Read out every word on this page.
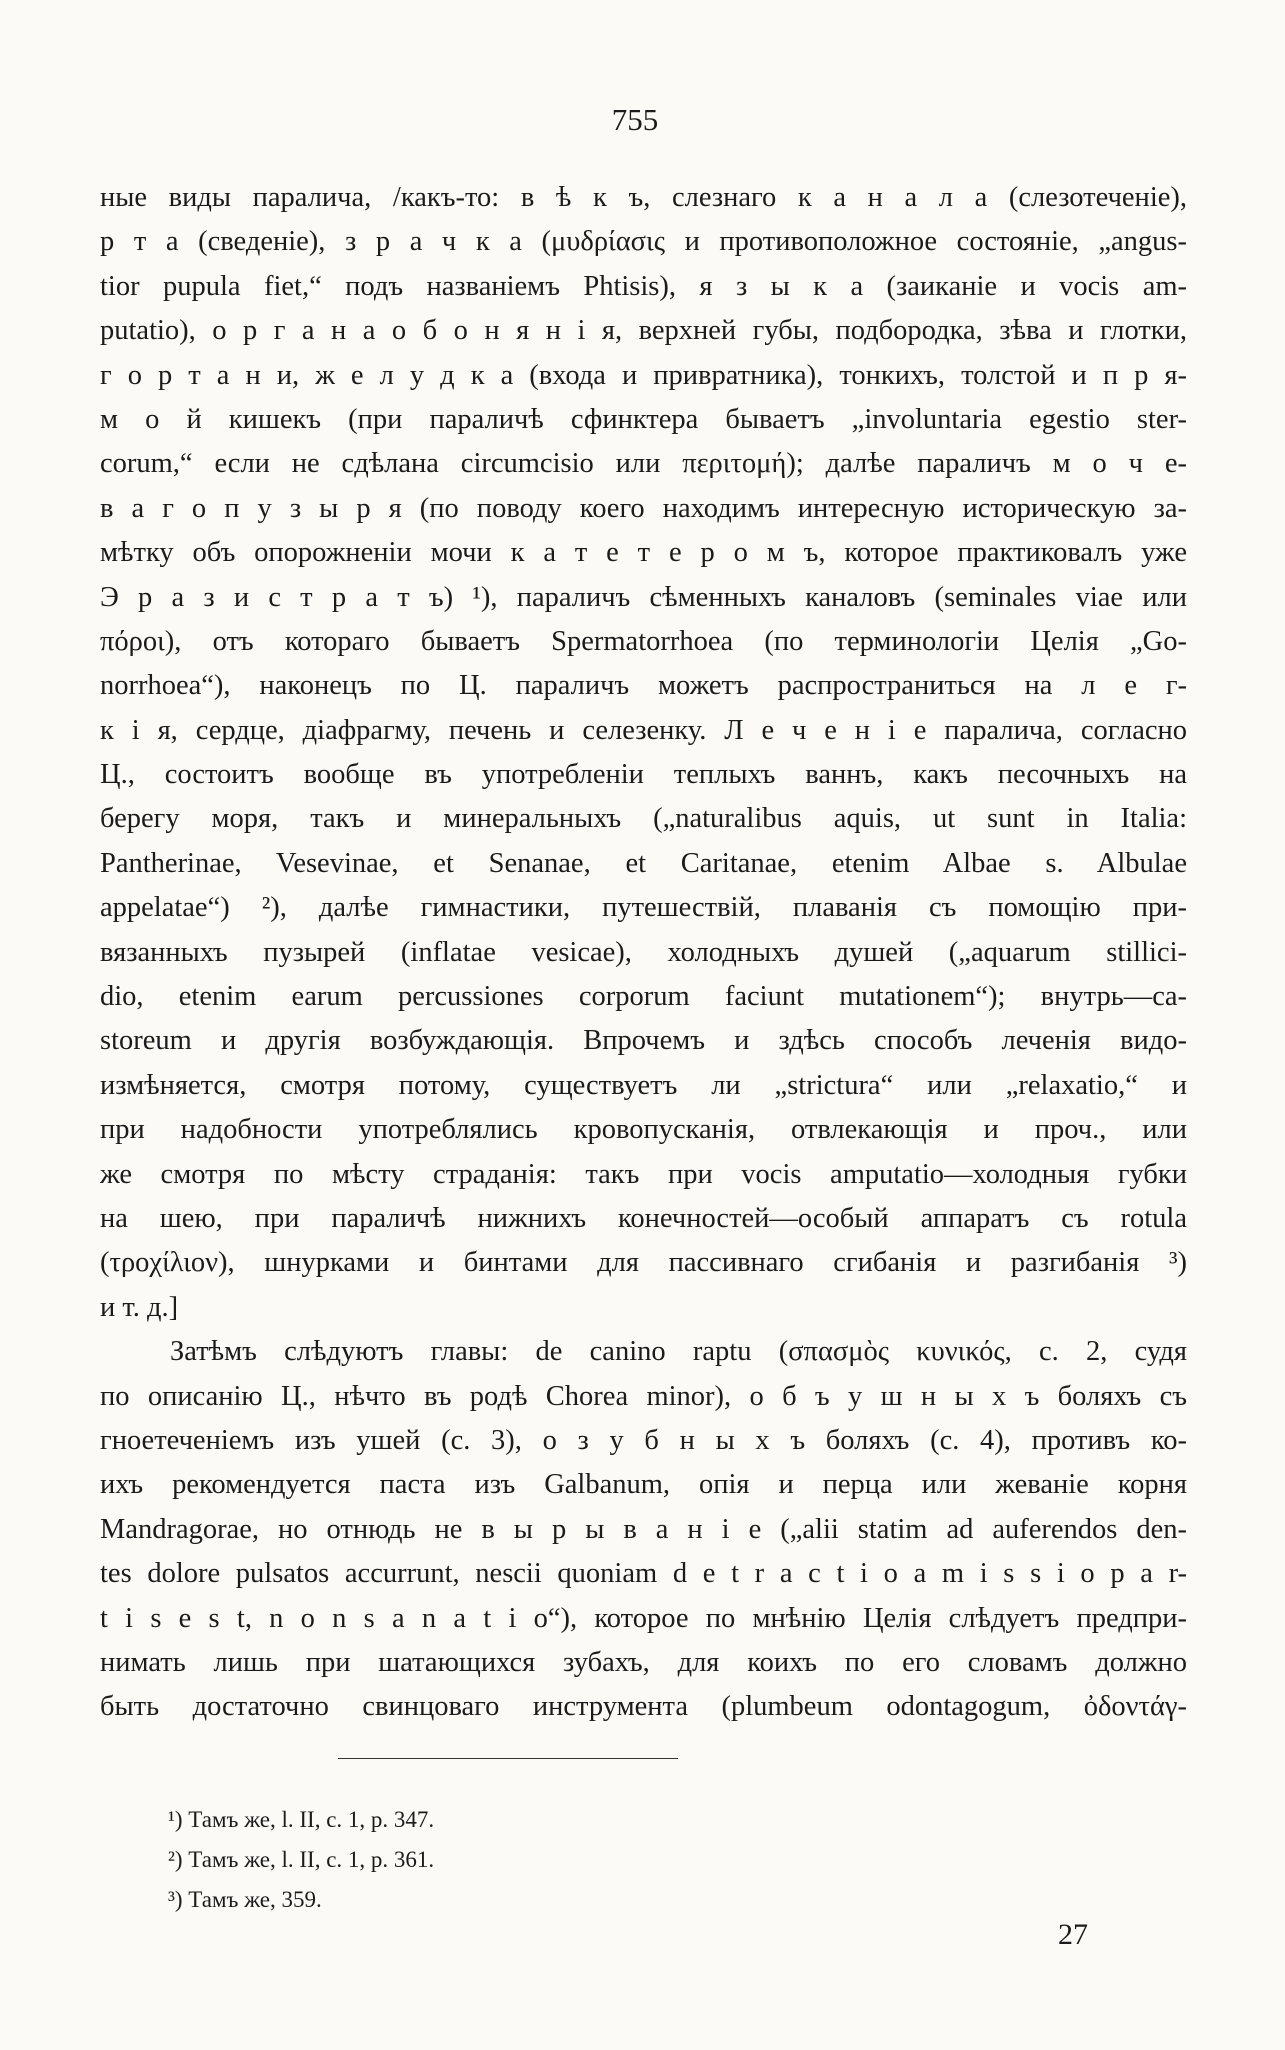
755
ные виды паралича, /какъ-то: в ѣ к ъ, слезнаго к а н а л а (слезотеченіе),
р т а (сведеніе), з р а ч к а (μυδρίασις и противоположное состояніе, „angus-
tior pupula fiet,“ подъ названіемъ Phtisis), я з ы к а (заиканіе и vocis am-
putatio), о р г а н а о б о н я н і я, верхней губы, подбородка, зѣва и глотки,
г о р т а н и, ж е л у д к а (входа и привратника), тонкихъ, толстой и п р я-
м о й кишекъ (при параличѣ сфинктера бываетъ „involuntaria egestio ster-
corum,“ если не сдѣлана circumcisio или περιτομή); далѣе параличъ м о ч е-
в а г о п у з ы р я (по поводу коего находимъ интересную историческую за-
мѣтку объ опорожненіи мочи к а т е т е р о м ъ, которое практиковалъ уже
Э р а з и с т р а т ъ) ¹), параличъ сѣменныхъ каналовъ (seminales viae или
πόροι), отъ котораго бываетъ Spermatorrhoea (по терминологіи Целія „Go-
norrhoea“), наконецъ по Ц. параличъ можетъ распространиться на л е г-
к і я, сердце, діафрагму, печень и селезенку. Л е ч е н і е паралича, согласно
Ц., состоитъ вообще въ употребленіи теплыхъ ваннъ, какъ песочныхъ на
берегу моря, такъ и минеральныхъ („naturalibus aquis, ut sunt in Italia:
Pantherinae, Vesevinae, et Senanae, et Caritanae, etenim Albae s. Albulae
appelatae“) ²), далѣе гимнастики, путешествій, плаванія съ помощію при-
вязанныхъ пузырей (inflatae vesicae), холодныхъ душей („aquarum stillici-
dio, etenim earum percussiones corporum faciunt mutationem“); внутрь—ca-
storeum и другія возбуждающія. Впрочемъ и здѣсь способъ леченія видо-
измѣняется, смотря потому, существуетъ ли „strictura“ или „relaxatio,“ и
при надобности употреблялись кровопусканія, отвлекающія и проч., или
же смотря по мѣсту страданія: такъ при vocis amputatio—холодныя губки
на шею, при параличѣ нижнихъ конечностей—особый аппаратъ съ rotula
(τροχίλιον), шнурками и бинтами для пассивнаго сгибанія и разгибанія ³)
и т. д.]
Затѣмъ слѣдуютъ главы: de canino raptu (σπασμὸς κυνικός, с. 2, судя
по описанію Ц., нѣчто въ родѣ Chorea minor), о б ъ у ш н ы х ъ боляхъ съ
гноетеченіемъ изъ ушей (с. 3), о з у б н ы х ъ боляхъ (с. 4), противъ ко-
ихъ рекомендуется паста изъ Galbanum, опія и перца или жеваніе корня
Mandragorae, но отнюдь не в ы р ы в а н і е („alii statim ad auferendos den-
tes dolore pulsatos accurrunt, nescii quoniam d e t r a c t i o a m i s s i o p a r-
t i s e s t, n o n s a n a t i o“), которое по мнѣнію Целія слѣдуетъ предпри-
нимать лишь при шатающихся зубахъ, для коихъ по его словамъ должно
быть достаточно свинцоваго инструмента (plumbeum odontagogum, ὀδοντάγ-
¹) Тамъ же, l. II, c. 1, p. 347.
²) Тамъ же, l. II, c. 1, p. 361.
³) Тамъ же, 359.
27
